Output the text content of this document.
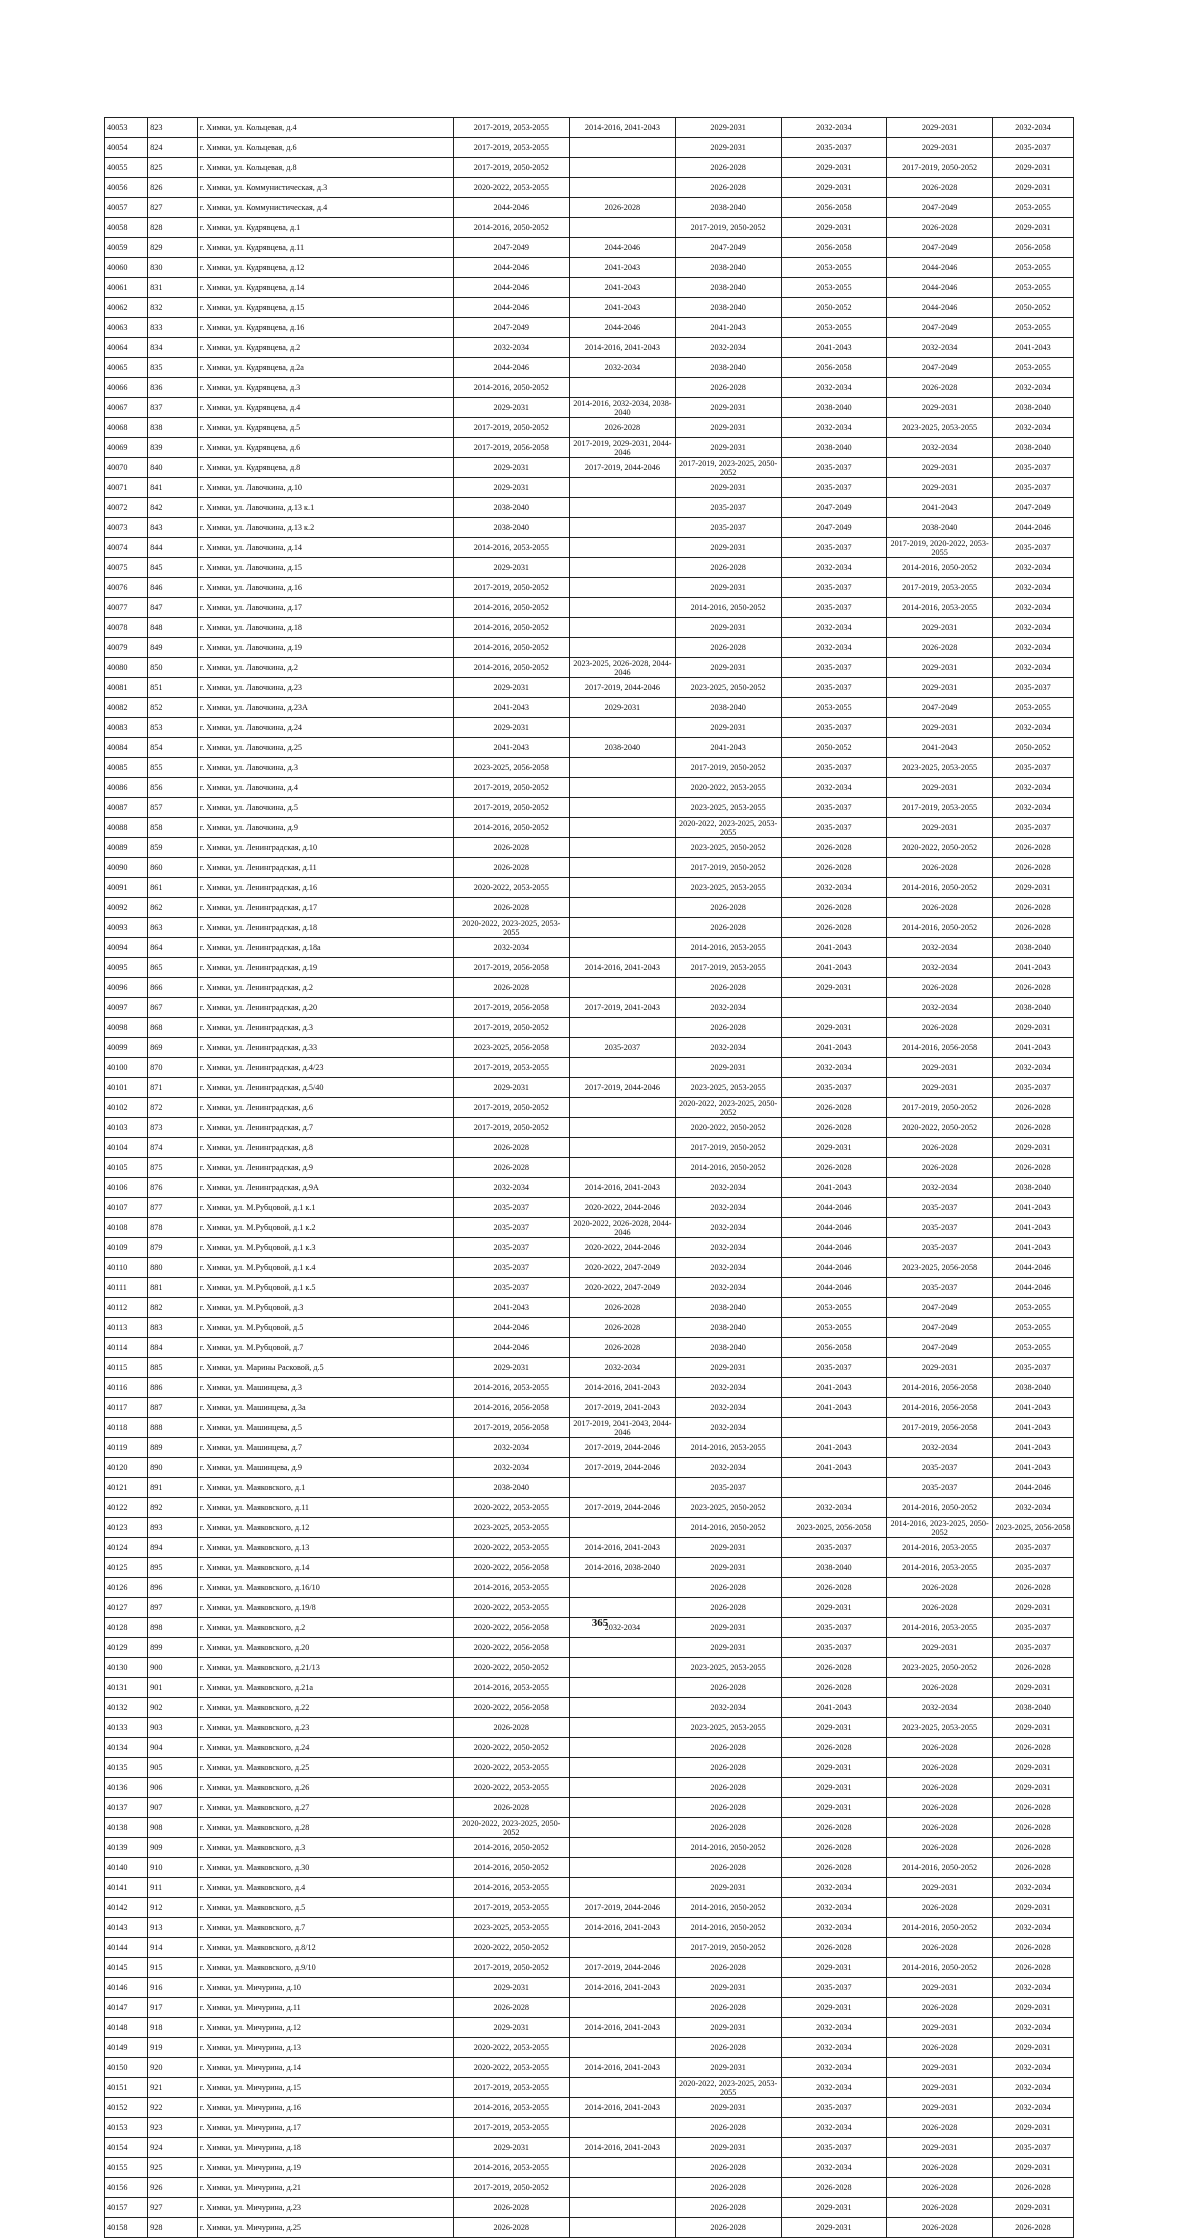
40053	823	г. Химки, ул. Кольцевая, д.4	2017-2019, 2053-2055	2014-2016, 2041-2043	2029-2031	2032-2034	2029-2031	2032-2034
40054	824	г. Химки, ул. Кольцевая, д.6	2017-2019, 2053-2055		2029-2031	2035-2037	2029-2031	2035-2037
40055	825	г. Химки, ул. Кольцевая, д.8	2017-2019, 2050-2052		2026-2028	2029-2031	2017-2019, 2050-2052	2029-2031
40056	826	г. Химки, ул. Коммунистическая, д.3	2020-2022, 2053-2055		2026-2028	2029-2031	2026-2028	2029-2031
40057	827	г. Химки, ул. Коммунистическая, д.4	2044-2046	2026-2028	2038-2040	2056-2058	2047-2049	2053-2055
40058	828	г. Химки, ул. Кудрявцева, д.1	2014-2016, 2050-2052		2017-2019, 2050-2052	2029-2031	2026-2028	2029-2031
40059	829	г. Химки, ул. Кудрявцева, д.11	2047-2049	2044-2046	2047-2049	2056-2058	2047-2049	2056-2058
40060	830	г. Химки, ул. Кудрявцева, д.12	2044-2046	2041-2043	2038-2040	2053-2055	2044-2046	2053-2055
40061	831	г. Химки, ул. Кудрявцева, д.14	2044-2046	2041-2043	2038-2040	2053-2055	2044-2046	2053-2055
40062	832	г. Химки, ул. Кудрявцева, д.15	2044-2046	2041-2043	2038-2040	2050-2052	2044-2046	2050-2052
40063	833	г. Химки, ул. Кудрявцева, д.16	2047-2049	2044-2046	2041-2043	2053-2055	2047-2049	2053-2055
40064	834	г. Химки, ул. Кудрявцева, д.2	2032-2034	2014-2016, 2041-2043	2032-2034	2041-2043	2032-2034	2041-2043
40065	835	г. Химки, ул. Кудрявцева, д.2а	2044-2046	2032-2034	2038-2040	2056-2058	2047-2049	2053-2055
40066	836	г. Химки, ул. Кудрявцева, д.3	2014-2016, 2050-2052		2026-2028	2032-2034	2026-2028	2032-2034
40067	837	г. Химки, ул. Кудрявцева, д.4	2029-2031	2014-2016, 2032-2034, 2038-2040	2029-2031	2038-2040	2029-2031	2038-2040
40068	838	г. Химки, ул. Кудрявцева, д.5	2017-2019, 2050-2052	2026-2028	2029-2031	2032-2034	2023-2025, 2053-2055	2032-2034
40069	839	г. Химки, ул. Кудрявцева, д.6	2017-2019, 2056-2058	2017-2019, 2029-2031, 2044-2046	2029-2031	2038-2040	2032-2034	2038-2040
40070	840	г. Химки, ул. Кудрявцева, д.8	2029-2031	2017-2019, 2044-2046	2017-2019, 2023-2025, 2050-2052	2035-2037	2029-2031	2035-2037
40071	841	г. Химки, ул. Лавочкина, д.10	2029-2031		2029-2031	2035-2037	2029-2031	2035-2037
40072	842	г. Химки, ул. Лавочкина, д.13 к.1	2038-2040		2035-2037	2047-2049	2041-2043	2047-2049
40073	843	г. Химки, ул. Лавочкина, д.13 к.2	2038-2040		2035-2037	2047-2049	2038-2040	2044-2046
40074	844	г. Химки, ул. Лавочкина, д.14	2014-2016, 2053-2055		2029-2031	2035-2037	2017-2019, 2020-2022, 2053-2055	2035-2037
40075	845	г. Химки, ул. Лавочкина, д.15	2029-2031		2026-2028	2032-2034	2014-2016, 2050-2052	2032-2034
40076	846	г. Химки, ул. Лавочкина, д.16	2017-2019, 2050-2052		2029-2031	2035-2037	2017-2019, 2053-2055	2032-2034
40077	847	г. Химки, ул. Лавочкина, д.17	2014-2016, 2050-2052		2014-2016, 2050-2052	2035-2037	2014-2016, 2053-2055	2032-2034
40078	848	г. Химки, ул. Лавочкина, д.18	2014-2016, 2050-2052		2029-2031	2032-2034	2029-2031	2032-2034
40079	849	г. Химки, ул. Лавочкина, д.19	2014-2016, 2050-2052		2026-2028	2032-2034	2026-2028	2032-2034
40080	850	г. Химки, ул. Лавочкина, д.2	2014-2016, 2050-2052	2023-2025, 2026-2028, 2044-2046	2029-2031	2035-2037	2029-2031	2032-2034
40081	851	г. Химки, ул. Лавочкина, д.23	2029-2031	2017-2019, 2044-2046	2023-2025, 2050-2052	2035-2037	2029-2031	2035-2037
40082	852	г. Химки, ул. Лавочкина, д.23А	2041-2043	2029-2031	2038-2040	2053-2055	2047-2049	2053-2055
40083	853	г. Химки, ул. Лавочкина, д.24	2029-2031		2029-2031	2035-2037	2029-2031	2032-2034
40084	854	г. Химки, ул. Лавочкина, д.25	2041-2043	2038-2040	2041-2043	2050-2052	2041-2043	2050-2052
40085	855	г. Химки, ул. Лавочкина, д.3	2023-2025, 2056-2058		2017-2019, 2050-2052	2035-2037	2023-2025, 2053-2055	2035-2037
40086	856	г. Химки, ул. Лавочкина, д.4	2017-2019, 2050-2052		2020-2022, 2053-2055	2032-2034	2029-2031	2032-2034
40087	857	г. Химки, ул. Лавочкина, д.5	2017-2019, 2050-2052		2023-2025, 2053-2055	2035-2037	2017-2019, 2053-2055	2032-2034
40088	858	г. Химки, ул. Лавочкина, д.9	2014-2016, 2050-2052		2020-2022, 2023-2025, 2053-2055	2035-2037	2029-2031	2035-2037
40089	859	г. Химки, ул. Ленинградская, д.10	2026-2028		2023-2025, 2050-2052	2026-2028	2020-2022, 2050-2052	2026-2028
40090	860	г. Химки, ул. Ленинградская, д.11	2026-2028		2017-2019, 2050-2052	2026-2028	2026-2028	2026-2028
40091	861	г. Химки, ул. Ленинградская, д.16	2020-2022, 2053-2055		2023-2025, 2053-2055	2032-2034	2014-2016, 2050-2052	2029-2031
40092	862	г. Химки, ул. Ленинградская, д.17	2026-2028		2026-2028	2026-2028	2026-2028	2026-2028
40093	863	г. Химки, ул. Ленинградская, д.18	2020-2022, 2023-2025, 2053-2055		2026-2028	2026-2028	2014-2016, 2050-2052	2026-2028
40094	864	г. Химки, ул. Ленинградская, д.18а	2032-2034		2014-2016, 2053-2055	2041-2043	2032-2034	2038-2040
40095	865	г. Химки, ул. Ленинградская, д.19	2017-2019, 2056-2058	2014-2016, 2041-2043	2017-2019, 2053-2055	2041-2043	2032-2034	2041-2043
40096	866	г. Химки, ул. Ленинградская, д.2	2026-2028		2026-2028	2029-2031	2026-2028	2026-2028
40097	867	г. Химки, ул. Ленинградская, д.20	2017-2019, 2056-2058	2017-2019, 2041-2043	2032-2034		2032-2034	2038-2040
40098	868	г. Химки, ул. Ленинградская, д.3	2017-2019, 2050-2052		2026-2028	2029-2031	2026-2028	2029-2031
40099	869	г. Химки, ул. Ленинградская, д.33	2023-2025, 2056-2058	2035-2037	2032-2034	2041-2043	2014-2016, 2056-2058	2041-2043
40100	870	г. Химки, ул. Ленинградская, д.4/23	2017-2019, 2053-2055		2029-2031	2032-2034	2029-2031	2032-2034
40101	871	г. Химки, ул. Ленинградская, д.5/40	2029-2031	2017-2019, 2044-2046	2023-2025, 2053-2055	2035-2037	2029-2031	2035-2037
40102	872	г. Химки, ул. Ленинградская, д.6	2017-2019, 2050-2052		2020-2022, 2023-2025, 2050-2052	2026-2028	2017-2019, 2050-2052	2026-2028
40103	873	г. Химки, ул. Ленинградская, д.7	2017-2019, 2050-2052		2020-2022, 2050-2052	2026-2028	2020-2022, 2050-2052	2026-2028
40104	874	г. Химки, ул. Ленинградская, д.8	2026-2028		2017-2019, 2050-2052	2029-2031	2026-2028	2029-2031
40105	875	г. Химки, ул. Ленинградская, д.9	2026-2028		2014-2016, 2050-2052	2026-2028	2026-2028	2026-2028
40106	876	г. Химки, ул. Ленинградская, д.9А	2032-2034	2014-2016, 2041-2043	2032-2034	2041-2043	2032-2034	2038-2040
40107	877	г. Химки, ул. М.Рубцовой, д.1 к.1	2035-2037	2020-2022, 2044-2046	2032-2034	2044-2046	2035-2037	2041-2043
40108	878	г. Химки, ул. М.Рубцовой, д.1 к.2	2035-2037	2020-2022, 2026-2028, 2044-2046	2032-2034	2044-2046	2035-2037	2041-2043
40109	879	г. Химки, ул. М.Рубцовой, д.1 к.3	2035-2037	2020-2022, 2044-2046	2032-2034	2044-2046	2035-2037	2041-2043
40110	880	г. Химки, ул. М.Рубцовой, д.1 к.4	2035-2037	2020-2022, 2047-2049	2032-2034	2044-2046	2023-2025, 2056-2058	2044-2046
40111	881	г. Химки, ул. М.Рубцовой, д.1 к.5	2035-2037	2020-2022, 2047-2049	2032-2034	2044-2046	2035-2037	2044-2046
40112	882	г. Химки, ул. М.Рубцовой, д.3	2041-2043	2026-2028	2038-2040	2053-2055	2047-2049	2053-2055
40113	883	г. Химки, ул. М.Рубцовой, д.5	2044-2046	2026-2028	2038-2040	2053-2055	2047-2049	2053-2055
40114	884	г. Химки, ул. М.Рубцовой, д.7	2044-2046	2026-2028	2038-2040	2056-2058	2047-2049	2053-2055
40115	885	г. Химки, ул. Марины Расковой, д.5	2029-2031	2032-2034	2029-2031	2035-2037	2029-2031	2035-2037
40116	886	г. Химки, ул. Машинцева, д.3	2014-2016, 2053-2055	2014-2016, 2041-2043	2032-2034	2041-2043	2014-2016, 2056-2058	2038-2040
40117	887	г. Химки, ул. Машинцева, д.3а	2014-2016, 2056-2058	2017-2019, 2041-2043	2032-2034	2041-2043	2014-2016, 2056-2058	2041-2043
40118	888	г. Химки, ул. Машинцева, д.5	2017-2019, 2056-2058	2017-2019, 2041-2043, 2044-2046	2032-2034		2017-2019, 2056-2058	2041-2043
40119	889	г. Химки, ул. Машинцева, д.7	2032-2034	2017-2019, 2044-2046	2014-2016, 2053-2055	2041-2043	2032-2034	2041-2043
40120	890	г. Химки, ул. Машинцева, д.9	2032-2034	2017-2019, 2044-2046	2032-2034	2041-2043	2035-2037	2041-2043
40121	891	г. Химки, ул. Маяковского, д.1	2038-2040		2035-2037		2035-2037	2044-2046
40122	892	г. Химки, ул. Маяковского, д.11	2020-2022, 2053-2055	2017-2019, 2044-2046	2023-2025, 2050-2052	2032-2034	2014-2016, 2050-2052	2032-2034
40123	893	г. Химки, ул. Маяковского, д.12	2023-2025, 2053-2055		2014-2016, 2050-2052	2023-2025, 2056-2058	2014-2016, 2023-2025, 2050-2052	2023-2025, 2056-2058
40124	894	г. Химки, ул. Маяковского, д.13	2020-2022, 2053-2055	2014-2016, 2041-2043	2029-2031	2035-2037	2014-2016, 2053-2055	2035-2037
40125	895	г. Химки, ул. Маяковского, д.14	2020-2022, 2056-2058	2014-2016, 2038-2040	2029-2031	2038-2040	2014-2016, 2053-2055	2035-2037
40126	896	г. Химки, ул. Маяковского, д.16/10	2014-2016, 2053-2055		2026-2028	2026-2028	2026-2028	2026-2028
40127	897	г. Химки, ул. Маяковского, д.19/8	2020-2022, 2053-2055		2026-2028	2029-2031	2026-2028	2029-2031
40128	898	г. Химки, ул. Маяковского, д.2	2020-2022, 2056-2058	2032-2034	2029-2031	2035-2037	2014-2016, 2053-2055	2035-2037
40129	899	г. Химки, ул. Маяковского, д.20	2020-2022, 2056-2058		2029-2031	2035-2037	2029-2031	2035-2037
40130	900	г. Химки, ул. Маяковского, д.21/13	2020-2022, 2050-2052		2023-2025, 2053-2055	2026-2028	2023-2025, 2050-2052	2026-2028
40131	901	г. Химки, ул. Маяковского, д.21а	2014-2016, 2053-2055		2026-2028	2026-2028	2026-2028	2029-2031
40132	902	г. Химки, ул. Маяковского, д.22	2020-2022, 2056-2058		2032-2034	2041-2043	2032-2034	2038-2040
40133	903	г. Химки, ул. Маяковского, д.23	2026-2028		2023-2025, 2053-2055	2029-2031	2023-2025, 2053-2055	2029-2031
40134	904	г. Химки, ул. Маяковского, д.24	2020-2022, 2050-2052		2026-2028	2026-2028	2026-2028	2026-2028
40135	905	г. Химки, ул. Маяковского, д.25	2020-2022, 2053-2055		2026-2028	2029-2031	2026-2028	2029-2031
40136	906	г. Химки, ул. Маяковского, д.26	2020-2022, 2053-2055		2026-2028	2029-2031	2026-2028	2029-2031
40137	907	г. Химки, ул. Маяковского, д.27	2026-2028		2026-2028	2029-2031	2026-2028	2026-2028
40138	908	г. Химки, ул. Маяковского, д.28	2020-2022, 2023-2025, 2050-2052		2026-2028	2026-2028	2026-2028	2026-2028
40139	909	г. Химки, ул. Маяковского, д.3	2014-2016, 2050-2052		2014-2016, 2050-2052	2026-2028	2026-2028	2026-2028
40140	910	г. Химки, ул. Маяковского, д.30	2014-2016, 2050-2052		2026-2028	2026-2028	2014-2016, 2050-2052	2026-2028
40141	911	г. Химки, ул. Маяковского, д.4	2014-2016, 2053-2055		2029-2031	2032-2034	2029-2031	2032-2034
40142	912	г. Химки, ул. Маяковского, д.5	2017-2019, 2053-2055	2017-2019, 2044-2046	2014-2016, 2050-2052	2032-2034	2026-2028	2029-2031
40143	913	г. Химки, ул. Маяковского, д.7	2023-2025, 2053-2055	2014-2016, 2041-2043	2014-2016, 2050-2052	2032-2034	2014-2016, 2050-2052	2032-2034
40144	914	г. Химки, ул. Маяковского, д.8/12	2020-2022, 2050-2052		2017-2019, 2050-2052	2026-2028	2026-2028	2026-2028
40145	915	г. Химки, ул. Маяковского, д.9/10	2017-2019, 2050-2052	2017-2019, 2044-2046	2026-2028	2029-2031	2014-2016, 2050-2052	2026-2028
40146	916	г. Химки, ул. Мичурина, д.10	2029-2031	2014-2016, 2041-2043	2029-2031	2035-2037	2029-2031	2032-2034
40147	917	г. Химки, ул. Мичурина, д.11	2026-2028		2026-2028	2029-2031	2026-2028	2029-2031
40148	918	г. Химки, ул. Мичурина, д.12	2029-2031	2014-2016, 2041-2043	2029-2031	2032-2034	2029-2031	2032-2034
40149	919	г. Химки, ул. Мичурина, д.13	2020-2022, 2053-2055		2026-2028	2032-2034	2026-2028	2029-2031
40150	920	г. Химки, ул. Мичурина, д.14	2020-2022, 2053-2055	2014-2016, 2041-2043	2029-2031	2032-2034	2029-2031	2032-2034
40151	921	г. Химки, ул. Мичурина, д.15	2017-2019, 2053-2055		2020-2022, 2023-2025, 2053-2055	2032-2034	2029-2031	2032-2034
40152	922	г. Химки, ул. Мичурина, д.16	2014-2016, 2053-2055	2014-2016, 2041-2043	2029-2031	2035-2037	2029-2031	2032-2034
40153	923	г. Химки, ул. Мичурина, д.17	2017-2019, 2053-2055		2026-2028	2032-2034	2026-2028	2029-2031
40154	924	г. Химки, ул. Мичурина, д.18	2029-2031	2014-2016, 2041-2043	2029-2031	2035-2037	2029-2031	2035-2037
40155	925	г. Химки, ул. Мичурина, д.19	2014-2016, 2053-2055		2026-2028	2032-2034	2026-2028	2029-2031
40156	926	г. Химки, ул. Мичурина, д.21	2017-2019, 2050-2052		2026-2028	2026-2028	2026-2028	2026-2028
40157	927	г. Химки, ул. Мичурина, д.23	2026-2028		2026-2028	2029-2031	2026-2028	2029-2031
40158	928	г. Химки, ул. Мичурина, д.25	2026-2028		2026-2028	2029-2031	2026-2028	2026-2028
365
